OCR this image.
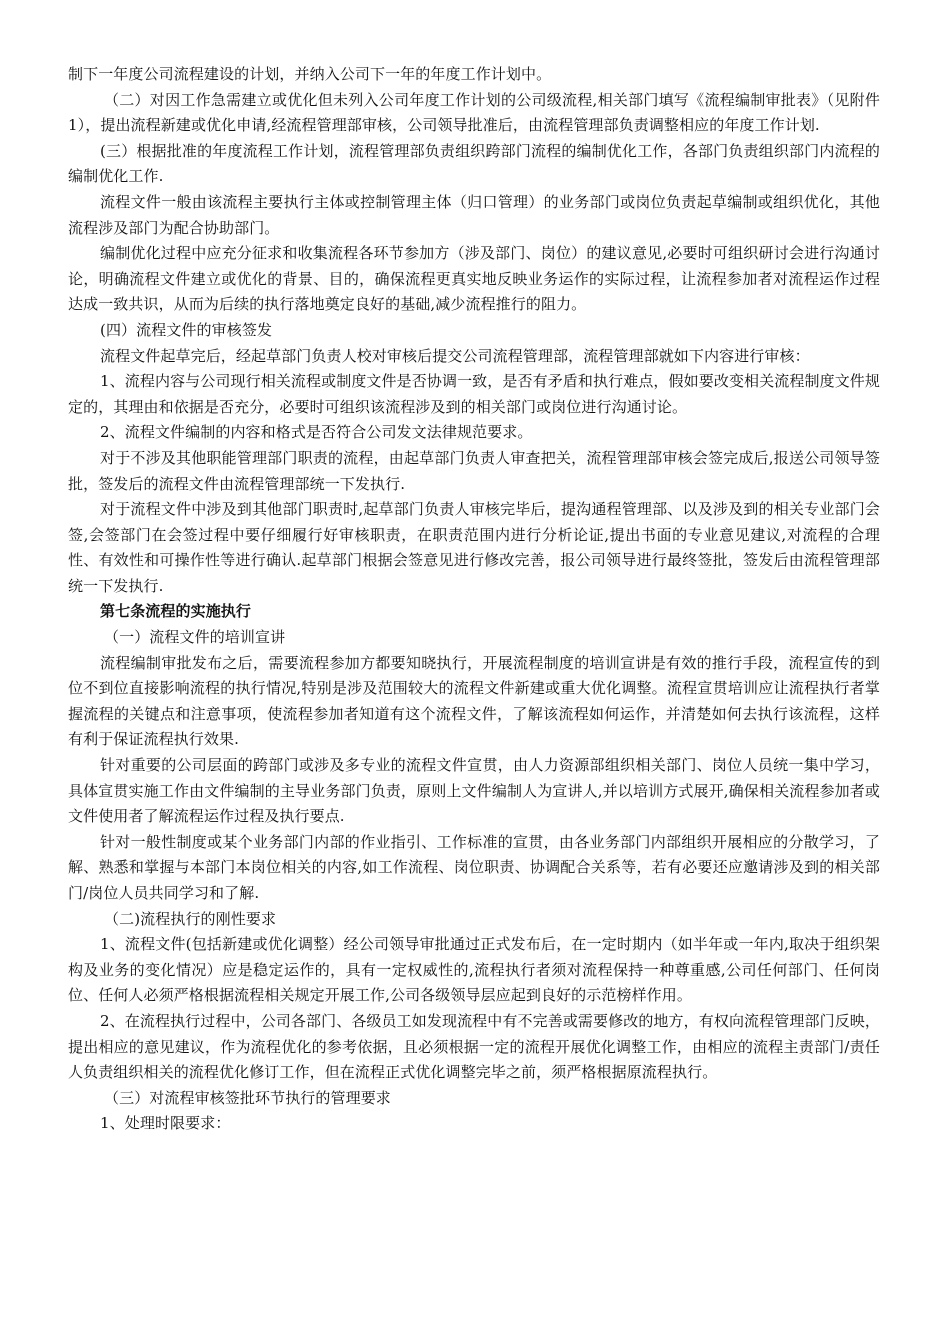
制下一年度公司流程建设的计划，并纳入公司下一年的年度工作计划中。

（二）对因工作急需建立或优化但未列入公司年度工作计划的公司级流程,相关部门填写《流程编制审批表》（见附件1），提出流程新建或优化申请,经流程管理部审核，公司领导批准后，由流程管理部负责调整相应的年度工作计划.

(三）根据批准的年度流程工作计划，流程管理部负责组织跨部门流程的编制优化工作，各部门负责组织部门内流程的编制优化工作.

流程文件一般由该流程主要执行主体或控制管理主体（归口管理）的业务部门或岗位负责起草编制或组织优化，其他流程涉及部门为配合协助部门。

编制优化过程中应充分征求和收集流程各环节参加方（涉及部门、岗位）的建议意见,必要时可组织研讨会进行沟通讨论，明确流程文件建立或优化的背景、目的，确保流程更真实地反映业务运作的实际过程，让流程参加者对流程运作过程达成一致共识，从而为后续的执行落地奠定良好的基础,减少流程推行的阻力。

(四）流程文件的审核签发

流程文件起草完后，经起草部门负责人校对审核后提交公司流程管理部，流程管理部就如下内容进行审核：

1、流程内容与公司现行相关流程或制度文件是否协调一致，是否有矛盾和执行难点，假如要改变相关流程制度文件规定的，其理由和依据是否充分，必要时可组织该流程涉及到的相关部门或岗位进行沟通讨论。

2、流程文件编制的内容和格式是否符合公司发文法律规范要求。

对于不涉及其他职能管理部门职责的流程，由起草部门负责人审查把关，流程管理部审核会签完成后,报送公司领导签批，签发后的流程文件由流程管理部统一下发执行.

对于流程文件中涉及到其他部门职责时,起草部门负责人审核完毕后，提沟通程管理部、以及涉及到的相关专业部门会签,会签部门在会签过程中要仔细履行好审核职责，在职责范围内进行分析论证,提出书面的专业意见建议,对流程的合理性、有效性和可操作性等进行确认.起草部门根据会签意见进行修改完善，报公司领导进行最终签批，签发后由流程管理部统一下发执行.

第七条流程的实施执行

（一）流程文件的培训宣讲

流程编制审批发布之后，需要流程参加方都要知晓执行，开展流程制度的培训宣讲是有效的推行手段，流程宣传的到位不到位直接影响流程的执行情况,特别是涉及范围较大的流程文件新建或重大优化调整。流程宣贯培训应让流程执行者掌握流程的关键点和注意事项，使流程参加者知道有这个流程文件，了解该流程如何运作，并清楚如何去执行该流程，这样有利于保证流程执行效果.

针对重要的公司层面的跨部门或涉及多专业的流程文件宣贯，由人力资源部组织相关部门、岗位人员统一集中学习，具体宣贯实施工作由文件编制的主导业务部门负责，原则上文件编制人为宣讲人,并以培训方式展开,确保相关流程参加者或文件使用者了解流程运作过程及执行要点.

针对一般性制度或某个业务部门内部的作业指引、工作标准的宣贯，由各业务部门内部组织开展相应的分散学习，了解、熟悉和掌握与本部门本岗位相关的内容,如工作流程、岗位职责、协调配合关系等，若有必要还应邀请涉及到的相关部门/岗位人员共同学习和了解.

（二)流程执行的刚性要求

1、流程文件(包括新建或优化调整）经公司领导审批通过正式发布后，在一定时期内（如半年或一年内,取决于组织架构及业务的变化情况）应是稳定运作的，具有一定权威性的,流程执行者须对流程保持一种尊重感,公司任何部门、任何岗位、任何人必须严格根据流程相关规定开展工作,公司各级领导层应起到良好的示范榜样作用。

2、在流程执行过程中，公司各部门、各级员工如发现流程中有不完善或需要修改的地方，有权向流程管理部门反映，提出相应的意见建议，作为流程优化的参考依据，且必须根据一定的流程开展优化调整工作，由相应的流程主责部门/责任人负责组织相关的流程优化修订工作，但在流程正式优化调整完毕之前，须严格根据原流程执行。

（三）对流程审核签批环节执行的管理要求

1、处理时限要求：
